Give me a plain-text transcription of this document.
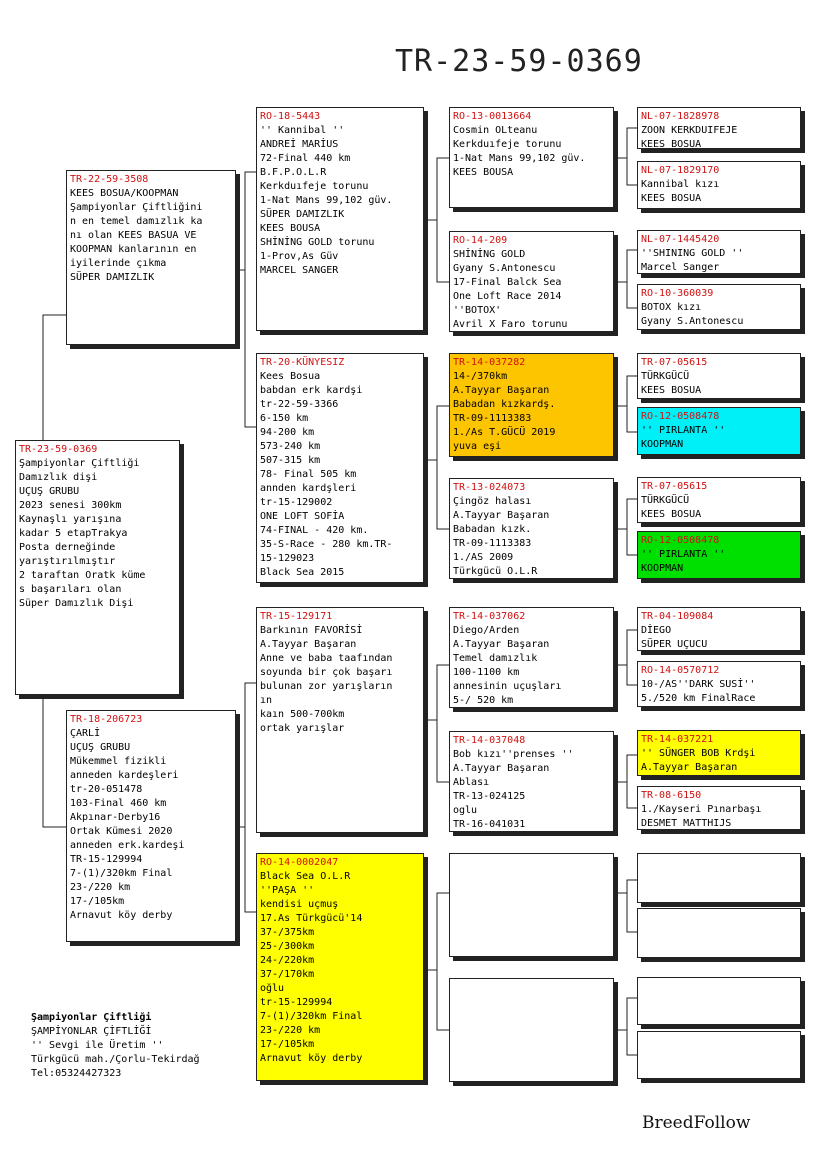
TR-23-59-0369
TR-23-59-0369
Şampiyonlar Çiftliği
Damızlık dişi
UÇUŞ GRUBU
2023 senesi 300km
Kaynaşlı yarışına
kadar 5 etapTrakya
Posta derneğinde
yarıştırılmıştır
2 taraftan Oratk küme
s başarıları olan
Süper Damızlık Dişi
TR-22-59-3508
KEES BOSUA/KOOPMAN
Şampiyonlar Çiftliğini
n en temel damızlık ka
nı olan KEES BASUA VE
KOOPMAN kanlarının en
iyilerinde çıkma
SÜPER DAMIZLIK
TR-18-206723
ÇARLİ
UÇUŞ GRUBU
Mükemmel fizikli
anneden kardeşleri
tr-20-051478
103-Final 460 km
Akpınar-Derby16
Ortak Kümesi 2020
anneden erk.kardeşi
TR-15-129994
7-(1)/320km Final
23-/220 km
17-/105km
Arnavut köy derby
RO-18-5443
'' Kannibal ''
ANDREİ MARİUS
72-Final 440 km
B.F.P.O.L.R
Kerkduıfeje torunu
1-Nat Mans 99,102 güv.
SÜPER DAMIZLIK
KEES BOUSA
SHİNİNG GOLD torunu
1-Prov,As Güv
MARCEL SANGER
TR-20-KÜNYESIZ
Kees Bosua
babdan erk kardşi
tr-22-59-3366
6-150 km
94-200 km
573-240 km
507-315 km
78- Final 505 km
annden kardşleri
tr-15-129002
ONE LOFT SOFİA
74-FINAL - 420 km.
35-S-Race - 280 km.TR-
15-129023
Black Sea 2015
TR-15-129171
Barkının FAVORİSİ
A.Tayyar Başaran
Anne ve baba taafından
soyunda bir çok başarı
bulunan zor yarışların
ın
kaın 500-700km
ortak yarışlar
RO-14-0002047
Black Sea O.L.R
''PAŞA ''
kendisi uçmuş
17.As Türkgücü'14
37-/375km
25-/300km
24-/220km
37-/170km
oğlu
tr-15-129994
7-(1)/320km Final
23-/220 km
17-/105km
Arnavut köy derby
RO-13-0013664
Cosmin OLteanu
Kerkduıfeje torunu
1-Nat Mans 99,102 güv.
KEES BOUSA
RO-14-209
SHİNİNG GOLD
Gyany S.Antonescu
17-Final Balck Sea
One Loft Race 2014
''BOTOX'
Avril X Faro torunu
TR-14-037282
14-/370km
A.Tayyar Başaran
Babadan kızkardş.
TR-09-1113383
1./As T.GÜCÜ 2019
yuva eşi
TR-13-024073
Çingöz halası
A.Tayyar Başaran
Babadan kızk.
TR-09-1113383
1./AS 2009
Türkgücü O.L.R
TR-14-037062
Diego/Arden
A.Tayyar Başaran
Temel damızlık
100-1100 km
annesinin uçuşları
5-/ 520 km
TR-14-037048
Bob kızı''prenses ''
A.Tayyar Başaran
Ablası
TR-13-024125
oglu
TR-16-041031
NL-07-1828978
ZOON KERKDUIFEJE
KEES BOSUA
NL-07-1829170
Kannibal kızı
KEES BOSUA
NL-07-1445420
''SHINING GOLD ''
Marcel Sanger
RO-10-360039
BOTOX kızı
Gyany S.Antonescu
TR-07-05615
TÜRKGÜCÜ
KEES BOSUA
RO-12-0508478
'' PIRLANTA ''
KOOPMAN
TR-07-05615
TÜRKGÜCÜ
KEES BOSUA
RO-12-0508478
'' PIRLANTA ''
KOOPMAN
TR-04-109084
DİEGO
SÜPER UÇUCU
RO-14-0570712
10-/AS''DARK SUSİ''
5./520 km FinalRace
TR-14-037221
'' SÜNGER BOB Krdşi
A.Tayyar Başaran
TR-08-6150
1./Kayseri Pınarbaşı
DESMET MATTHIJS
Şampiyonlar Çiftliği
ŞAMPİYONLAR ÇİFTLİĞİ
'' Sevgi ile Üretim ''
Türkgücü mah./Çorlu-Tekirdağ
Tel:05324427323
BreedFollow
